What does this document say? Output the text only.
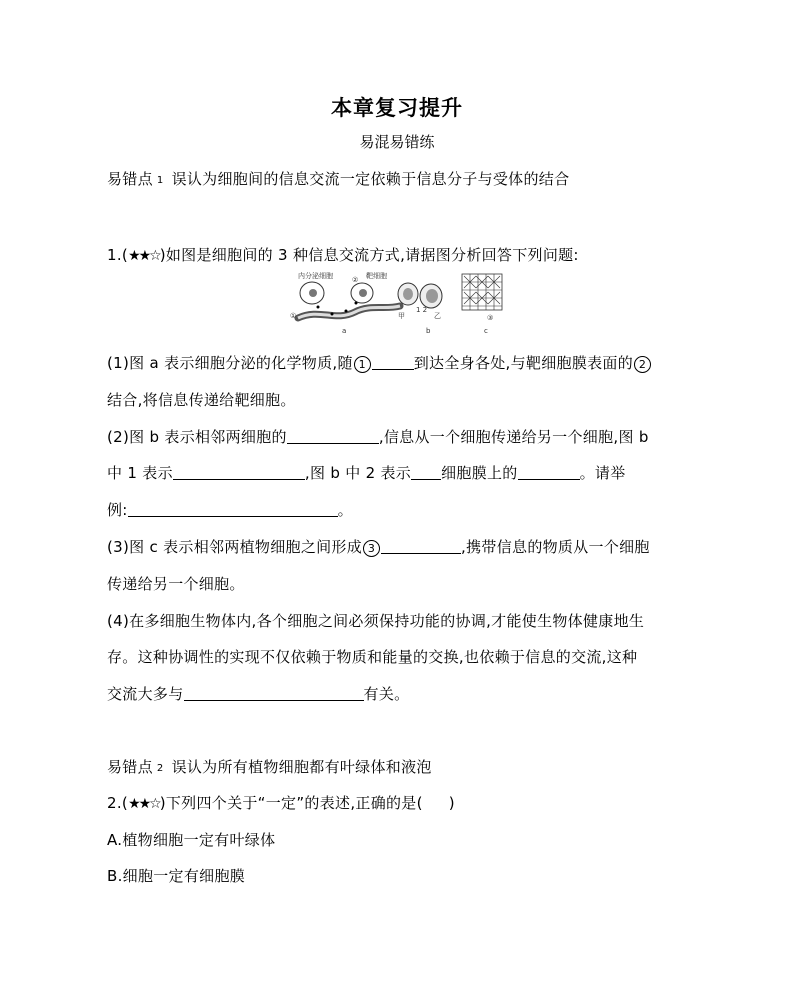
本章复习提升
易混易错练
易错点 1 误认为细胞间的信息交流一定依赖于信息分子与受体的结合
1.(★★☆)如图是细胞间的 3 种信息交流方式,请据图分析回答下列问题:
内分泌细胞	靶细胞
①
②
a
甲
1 2
乙
b
③
c
(1)图 a 表示细胞分泌的化学物质,随 1	到达全身各处,与靶细胞膜表面的 2
结合,将信息传递给靶细胞。
(2)图 b 表示相邻两细胞的	,信息从一个细胞传递给另一个细胞,图 b
中 1 表示	,图 b 中 2 表示 细胞膜上的	。请举
例:	。
(3)图 c 表示相邻两植物细胞之间形成 3	,携带信息的物质从一个细胞
传递给另一个细胞。
(4)在多细胞生物体内,各个细胞之间必须保持功能的协调,才能使生物体健康地生
存。这种协调性的实现不仅依赖于物质和能量的交换,也依赖于信息的交流,这种
交流大多与	有关。
易错点 2 误认为所有植物细胞都有叶绿体和液泡
2.(★★☆)下列四个关于“一定”的表述,正确的是( )
A.植物细胞一定有叶绿体
B.细胞一定有细胞膜
